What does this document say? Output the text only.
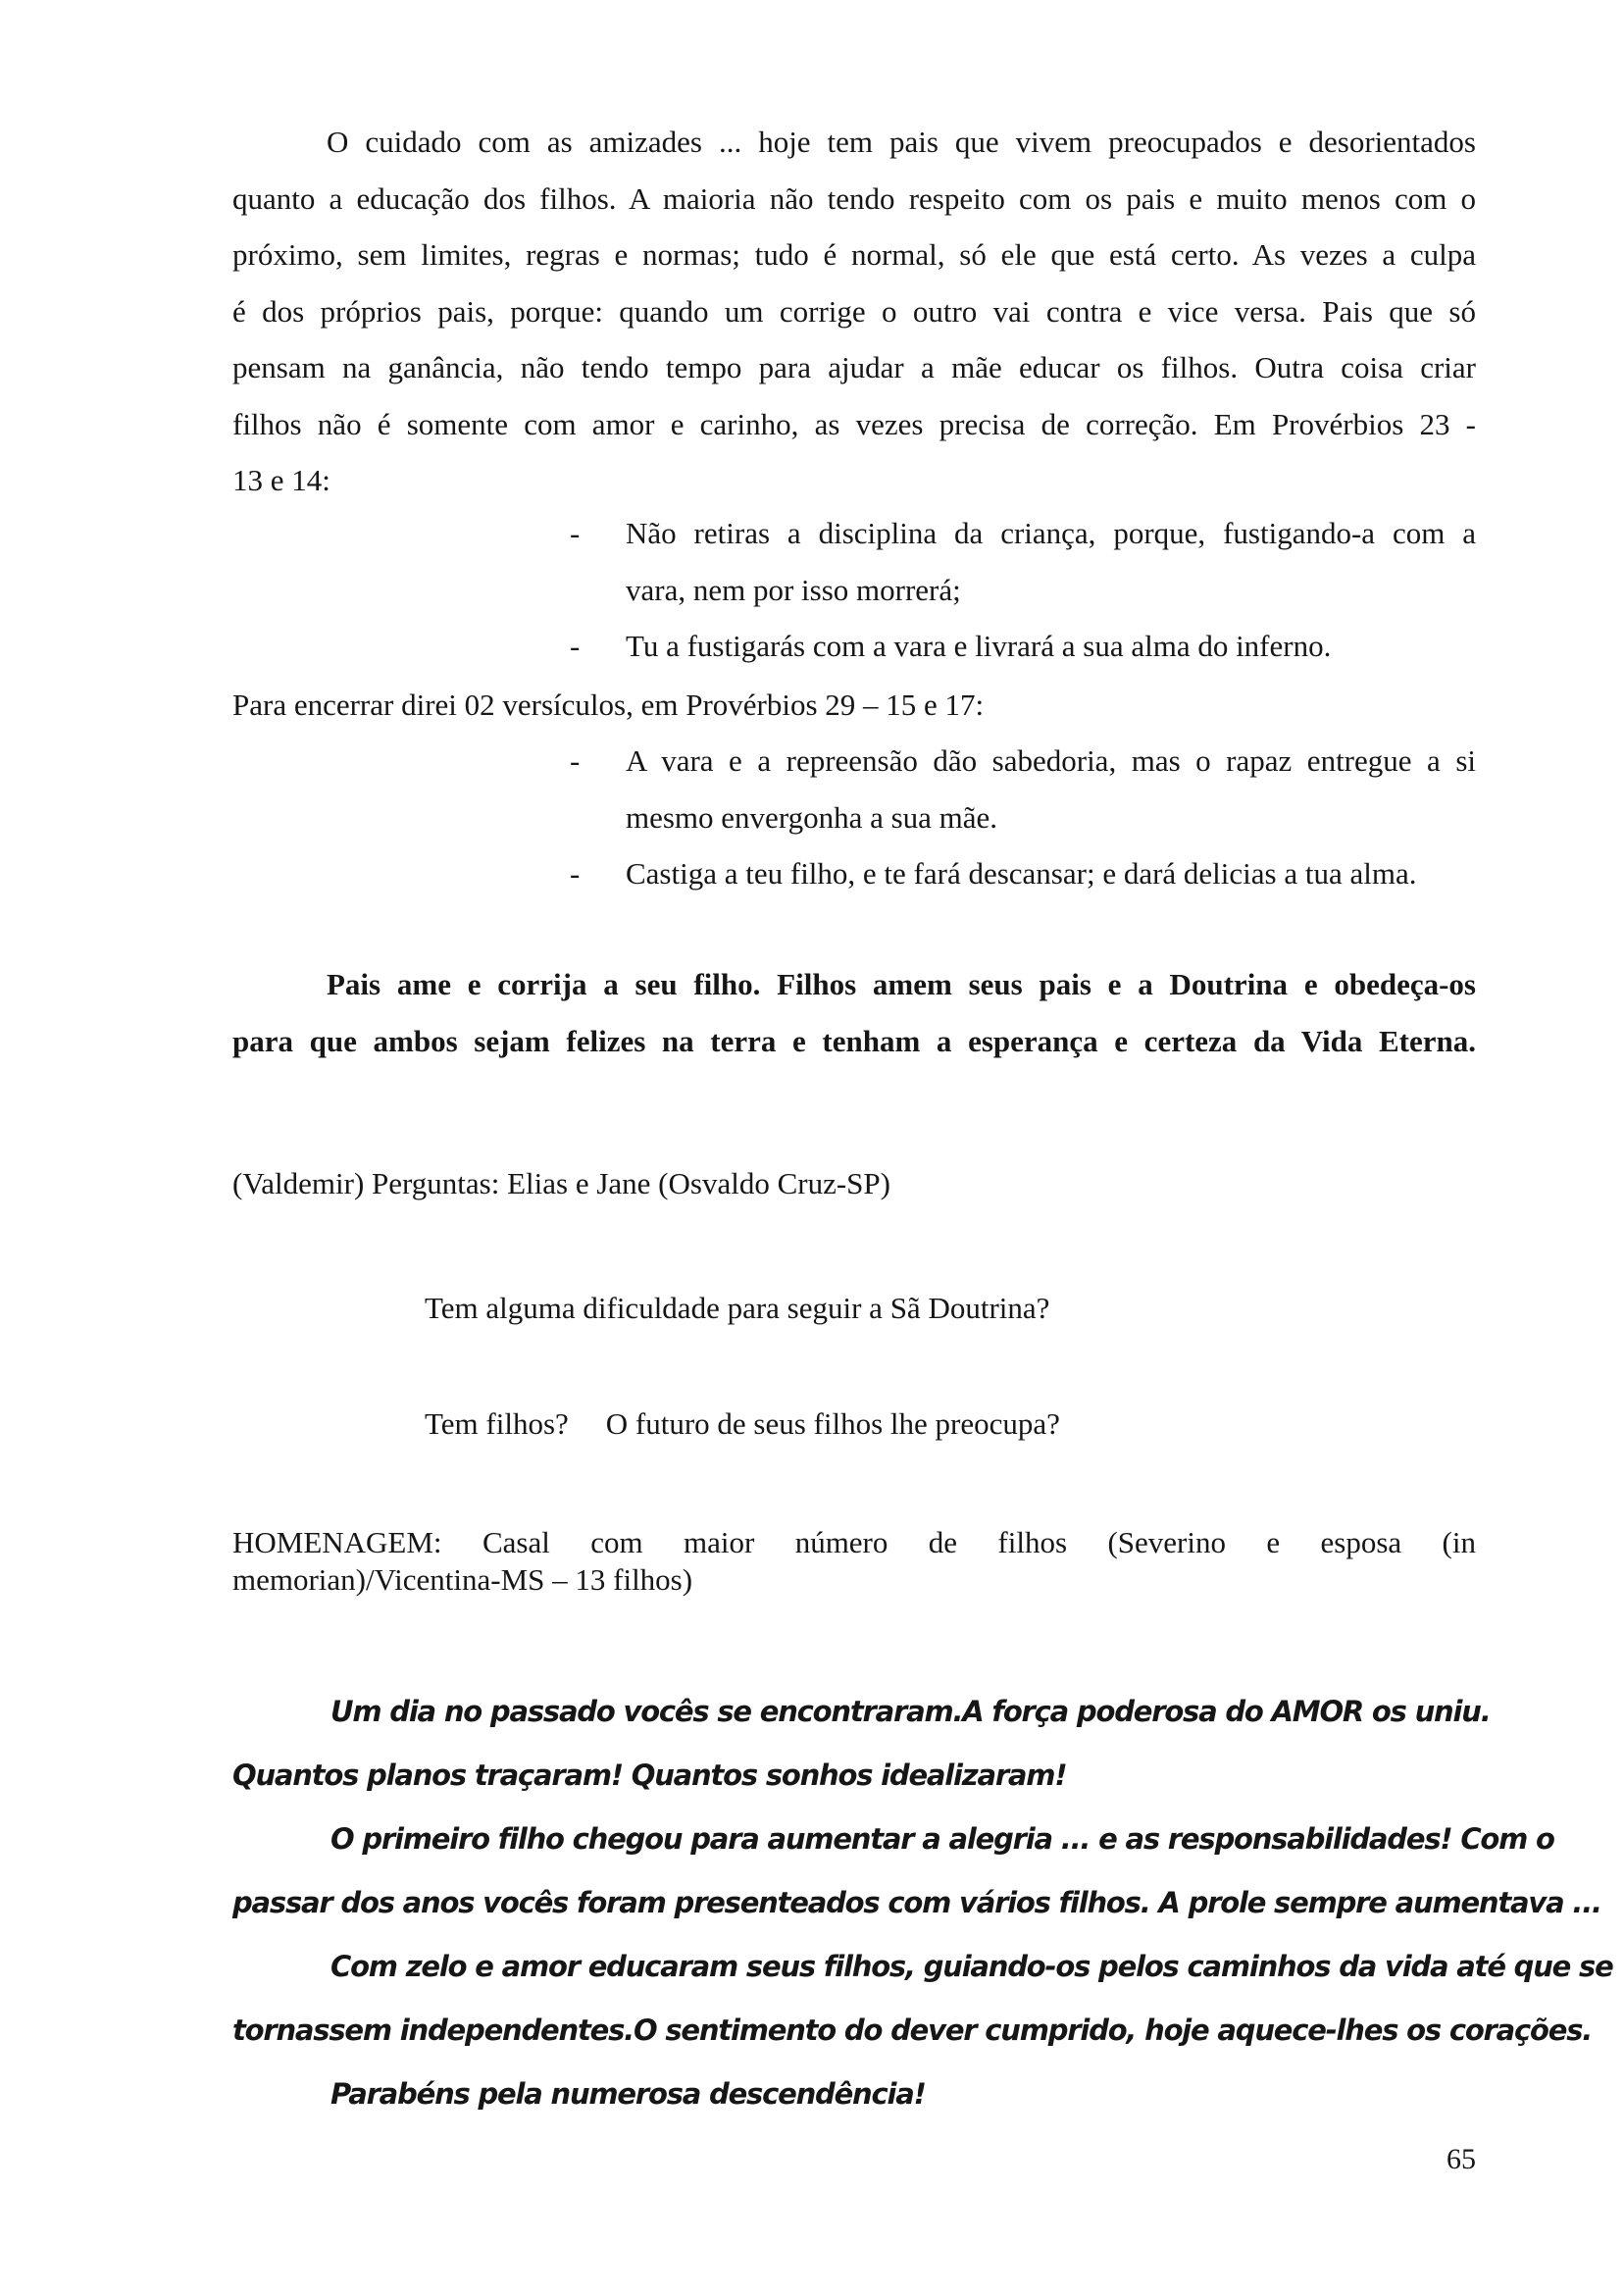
O cuidado com as amizades ... hoje tem pais que vivem preocupados e desorientados
quanto a educação dos filhos. A maioria não tendo respeito com os pais e muito menos com o
próximo, sem limites, regras e normas; tudo é normal, só ele que está certo. As vezes a culpa
é dos próprios pais, porque: quando um corrige o outro vai contra e vice versa. Pais que só
pensam na ganância, não tendo tempo para ajudar a mãe educar os filhos. Outra coisa criar
filhos não é somente com amor e carinho, as vezes precisa de correção. Em Provérbios 23 -
13 e 14:
- Não retiras a disciplina da criança, porque, fustigando-a com a
vara, nem por isso morrerá;
- Tu a fustigarás com a vara e livrará a sua alma do inferno.
Para encerrar direi 02 versículos, em Provérbios 29 – 15 e 17:
- A vara e a repreensão dão sabedoria, mas o rapaz entregue a si
mesmo envergonha a sua mãe.
- Castiga a teu filho, e te fará descansar; e dará delicias a tua alma.
Pais ame e corrija a seu filho. Filhos amem seus pais e a Doutrina e obedeça-os
para que ambos sejam felizes na terra e tenham a esperança e certeza da Vida Eterna.
(Valdemir) Perguntas: Elias e Jane (Osvaldo Cruz-SP)
Tem alguma dificuldade para seguir a Sã Doutrina?
Tem filhos? O futuro de seus filhos lhe preocupa?
HOMENAGEM: Casal com maior número de filhos (Severino e esposa (in
memorian)/Vicentina-MS – 13 filhos)
Um dia no passado vocês se encontraram.A força poderosa do AMOR os uniu.
Quantos planos traçaram! Quantos sonhos idealizaram!
O primeiro filho chegou para aumentar a alegria ... e as responsabilidades! Com o
passar dos anos vocês foram presenteados com vários filhos. A prole sempre aumentava ...
Com zelo e amor educaram seus filhos, guiando-os pelos caminhos da vida até que se
tornassem independentes.O sentimento do dever cumprido, hoje aquece-lhes os corações.
Parabéns pela numerosa descendência!
65
